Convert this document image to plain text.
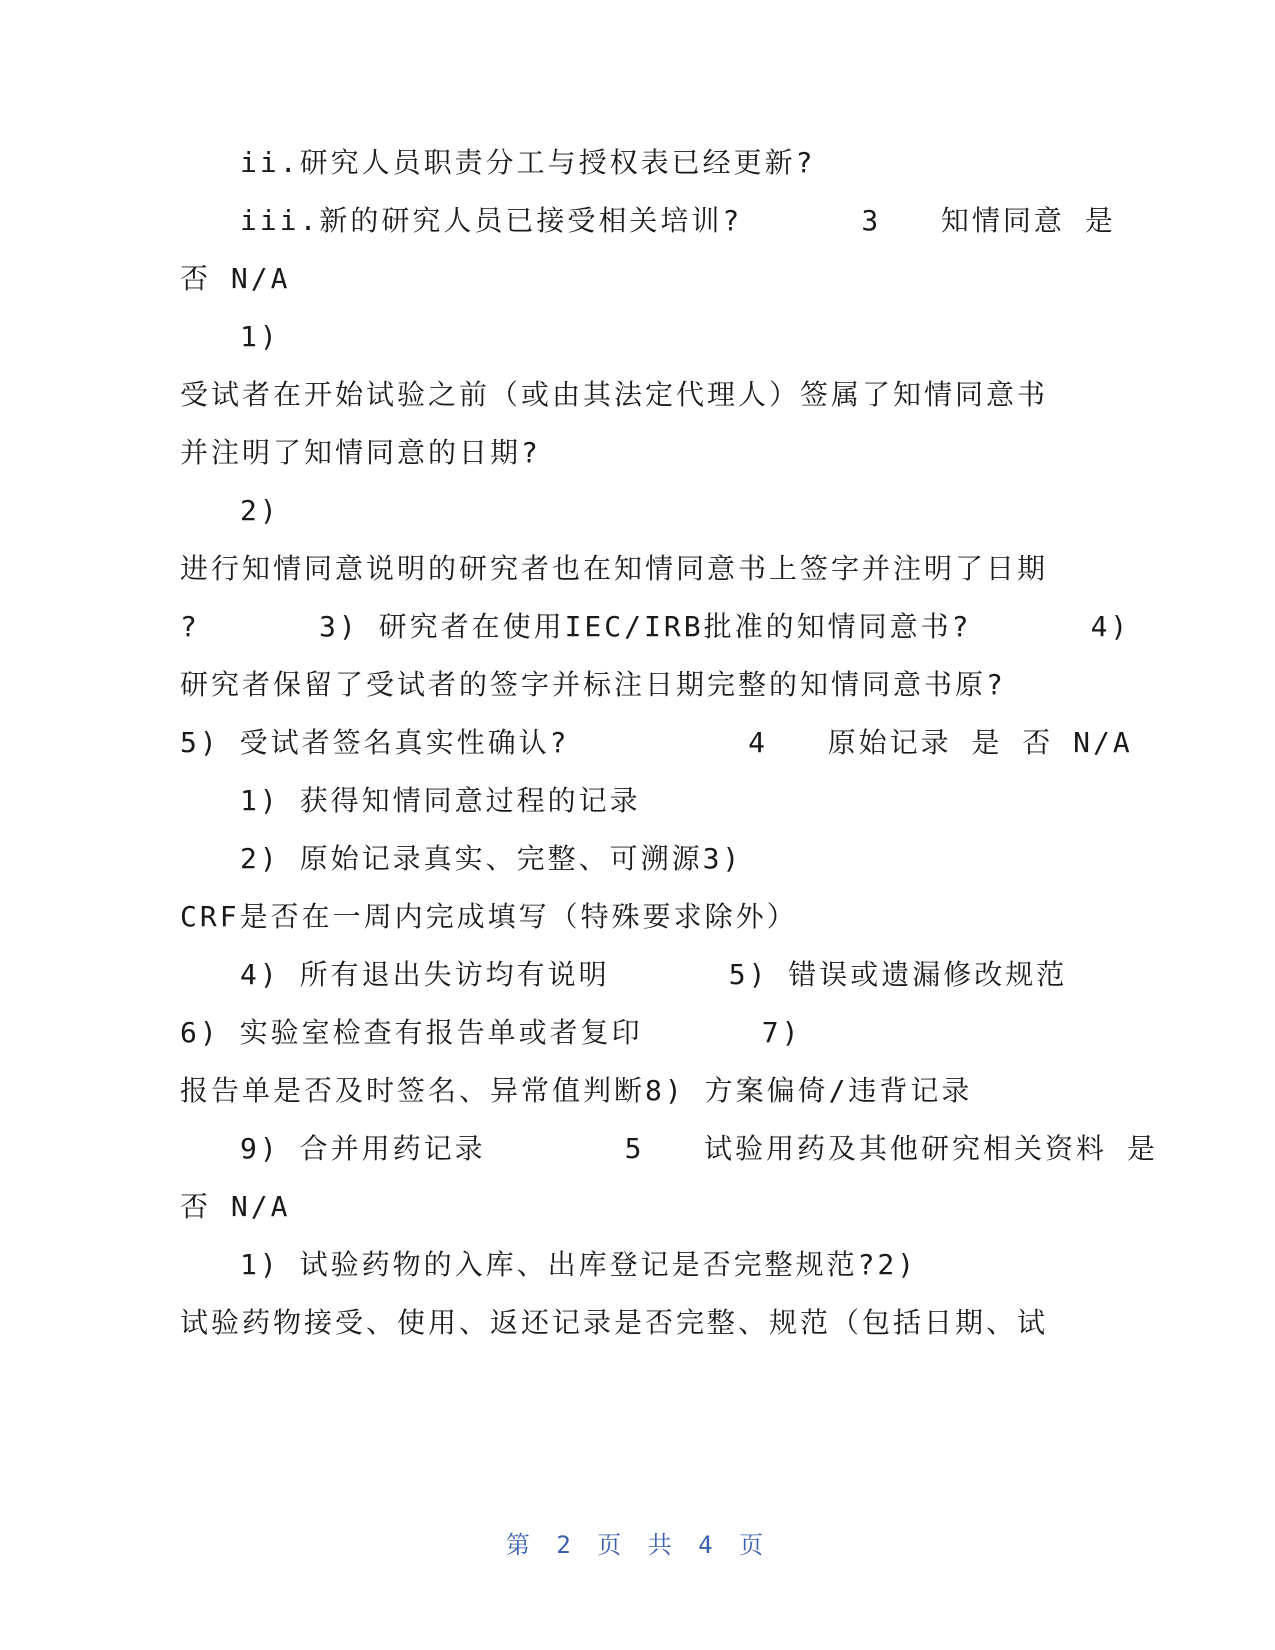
ii.研究人员职责分工与授权表已经更新?
iii.新的研究人员已接受相关培训?      3   知情同意 是
否 N/A
1)
受试者在开始试验之前（或由其法定代理人）签属了知情同意书
并注明了知情同意的日期?
2)
进行知情同意说明的研究者也在知情同意书上签字并注明了日期
?      3) 研究者在使用IEC/IRB批准的知情同意书?      4)
研究者保留了受试者的签字并标注日期完整的知情同意书原?
5) 受试者签名真实性确认?         4   原始记录 是 否 N/A
1) 获得知情同意过程的记录
2) 原始记录真实、完整、可溯源3)
CRF是否在一周内完成填写（特殊要求除外）
4) 所有退出失访均有说明      5) 错误或遗漏修改规范
6) 实验室检查有报告单或者复印      7)
报告单是否及时签名、异常值判断8) 方案偏倚/违背记录
9) 合并用药记录       5   试验用药及其他研究相关资料 是
否 N/A
1) 试验药物的入库、出库登记是否完整规范?2)
试验药物接受、使用、返还记录是否完整、规范（包括日期、试
第 2 页 共 4 页
